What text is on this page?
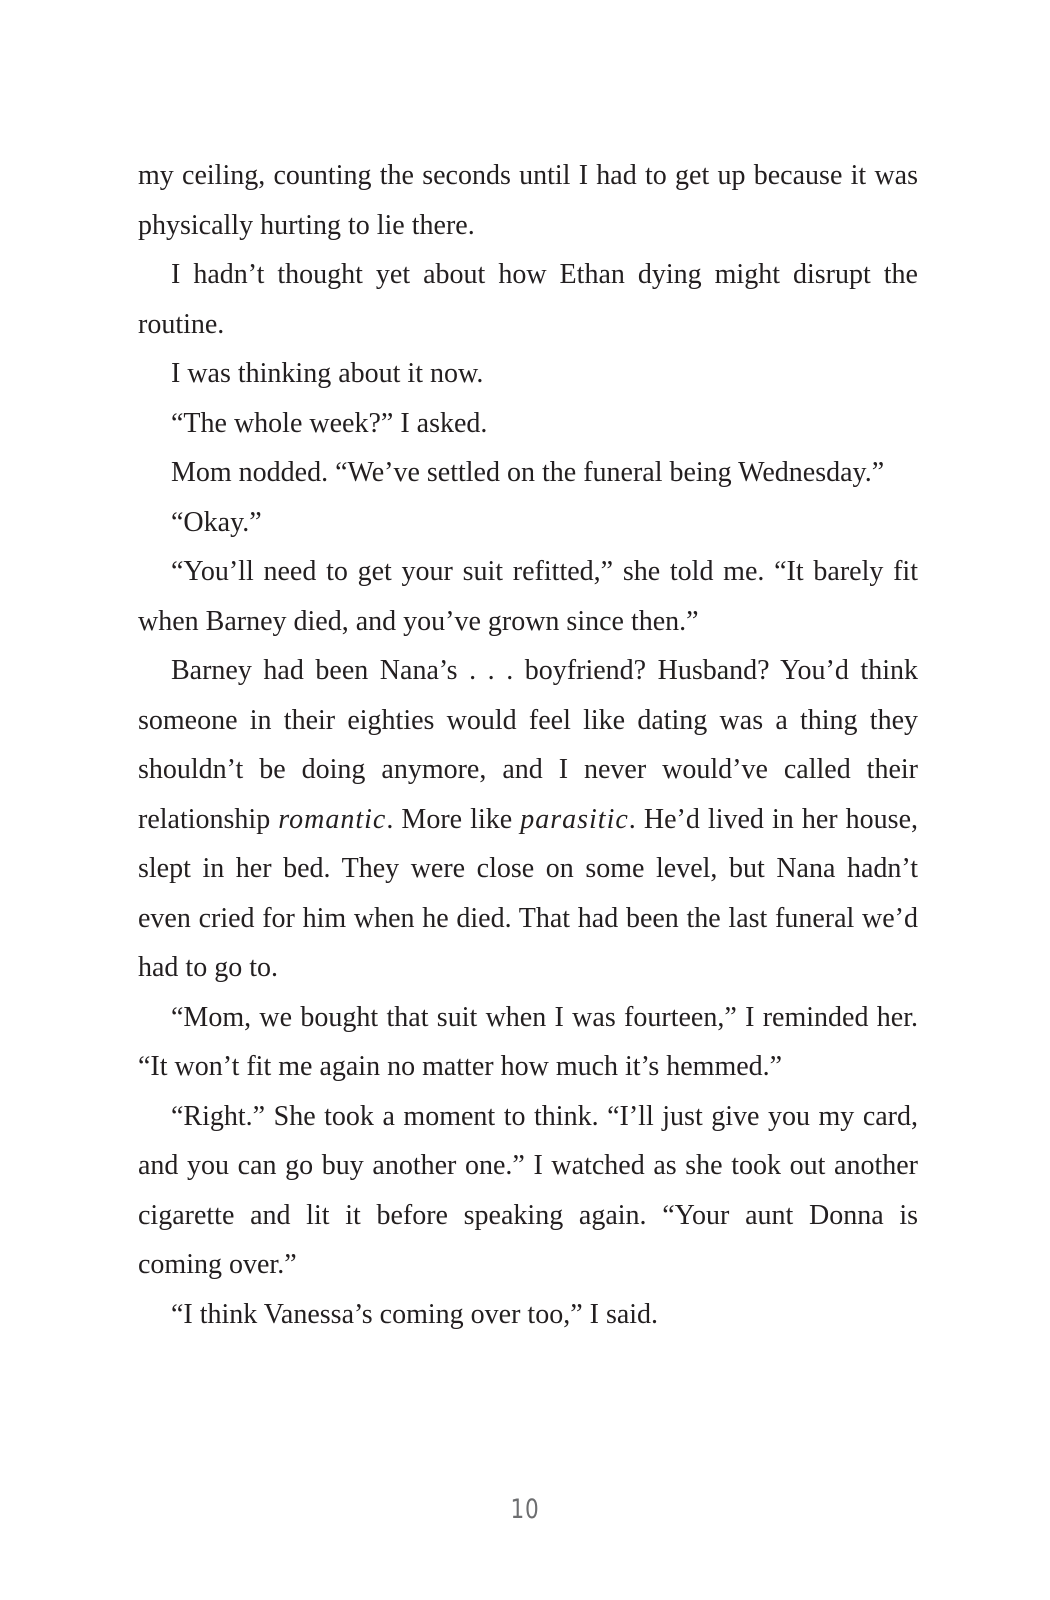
my ceiling, counting the seconds until I had to get up because it was physically hurting to lie there.

I hadn’t thought yet about how Ethan dying might disrupt the routine.

I was thinking about it now.

“The whole week?” I asked.

Mom nodded. “We’ve settled on the funeral being Wednesday.”

“Okay.”

“You’ll need to get your suit refitted,” she told me. “It barely fit when Barney died, and you’ve grown since then.”

Barney had been Nana’s . . . boyfriend? Husband? You’d think someone in their eighties would feel like dating was a thing they shouldn’t be doing anymore, and I never would’ve called their relationship romantic. More like parasitic. He’d lived in her house, slept in her bed. They were close on some level, but Nana hadn’t even cried for him when he died. That had been the last funeral we’d had to go to.

“Mom, we bought that suit when I was fourteen,” I reminded her. “It won’t fit me again no matter how much it’s hemmed.”

“Right.” She took a moment to think. “I’ll just give you my card, and you can go buy another one.” I watched as she took out another cigarette and lit it before speaking again. “Your aunt Donna is coming over.”

“I think Vanessa’s coming over too,” I said.

10
